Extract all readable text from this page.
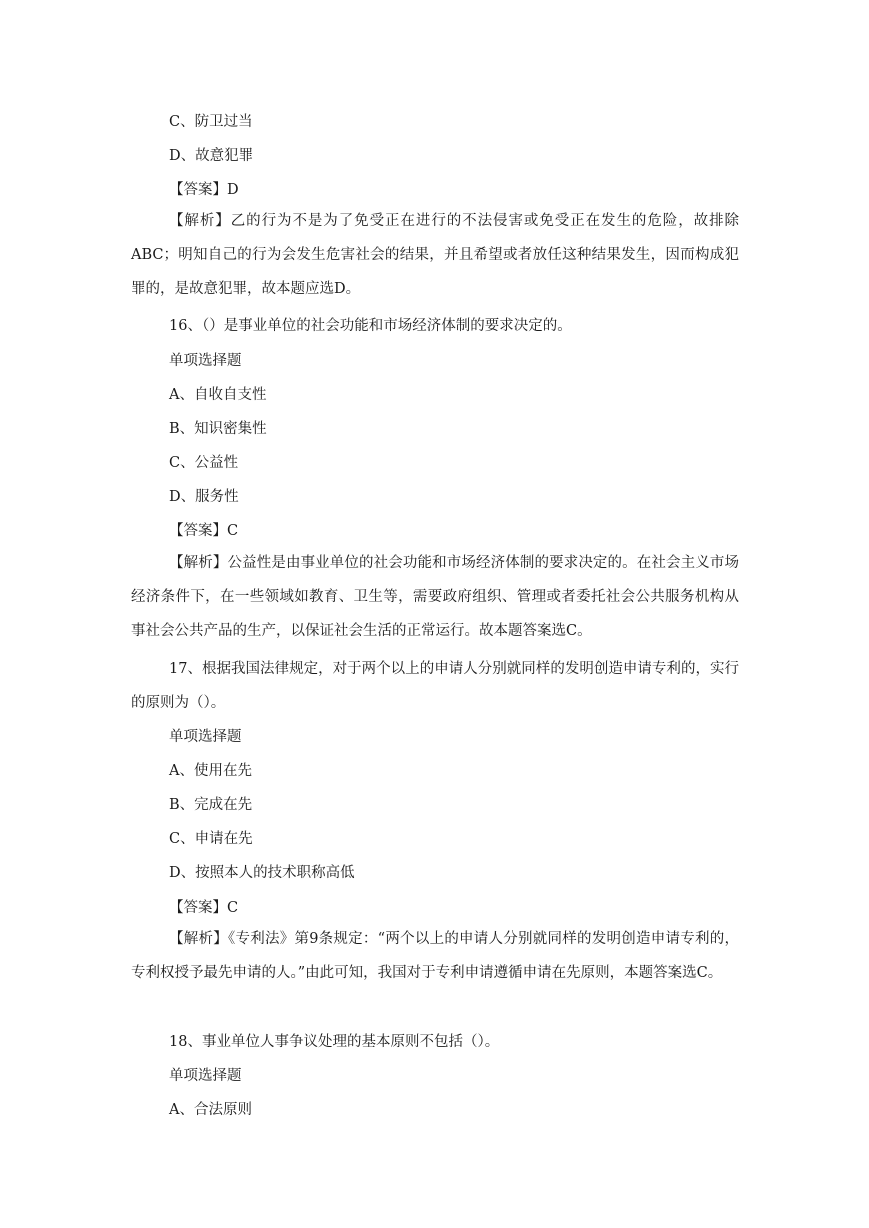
C、防卫过当
D、故意犯罪
【答案】D
【解析】乙的行为不是为了免受正在进行的不法侵害或免受正在发生的危险，故排除ABC；明知自己的行为会发生危害社会的结果，并且希望或者放任这种结果发生，因而构成犯罪的，是故意犯罪，故本题应选D。
16、（）是事业单位的社会功能和市场经济体制的要求决定的。
单项选择题
A、自收自支性
B、知识密集性
C、公益性
D、服务性
【答案】C
【解析】公益性是由事业单位的社会功能和市场经济体制的要求决定的。在社会主义市场经济条件下，在一些领域如教育、卫生等，需要政府组织、管理或者委托社会公共服务机构从事社会公共产品的生产，以保证社会生活的正常运行。故本题答案选C。
17、根据我国法律规定，对于两个以上的申请人分别就同样的发明创造申请专利的，实行的原则为（）。
单项选择题
A、使用在先
B、完成在先
C、申请在先
D、按照本人的技术职称高低
【答案】C
【解析】《专利法》第9条规定：“两个以上的申请人分别就同样的发明创造申请专利的，专利权授予最先申请的人。”由此可知，我国对于专利申请遵循申请在先原则，本题答案选C。
18、事业单位人事争议处理的基本原则不包括（）。
单项选择题
A、合法原则
